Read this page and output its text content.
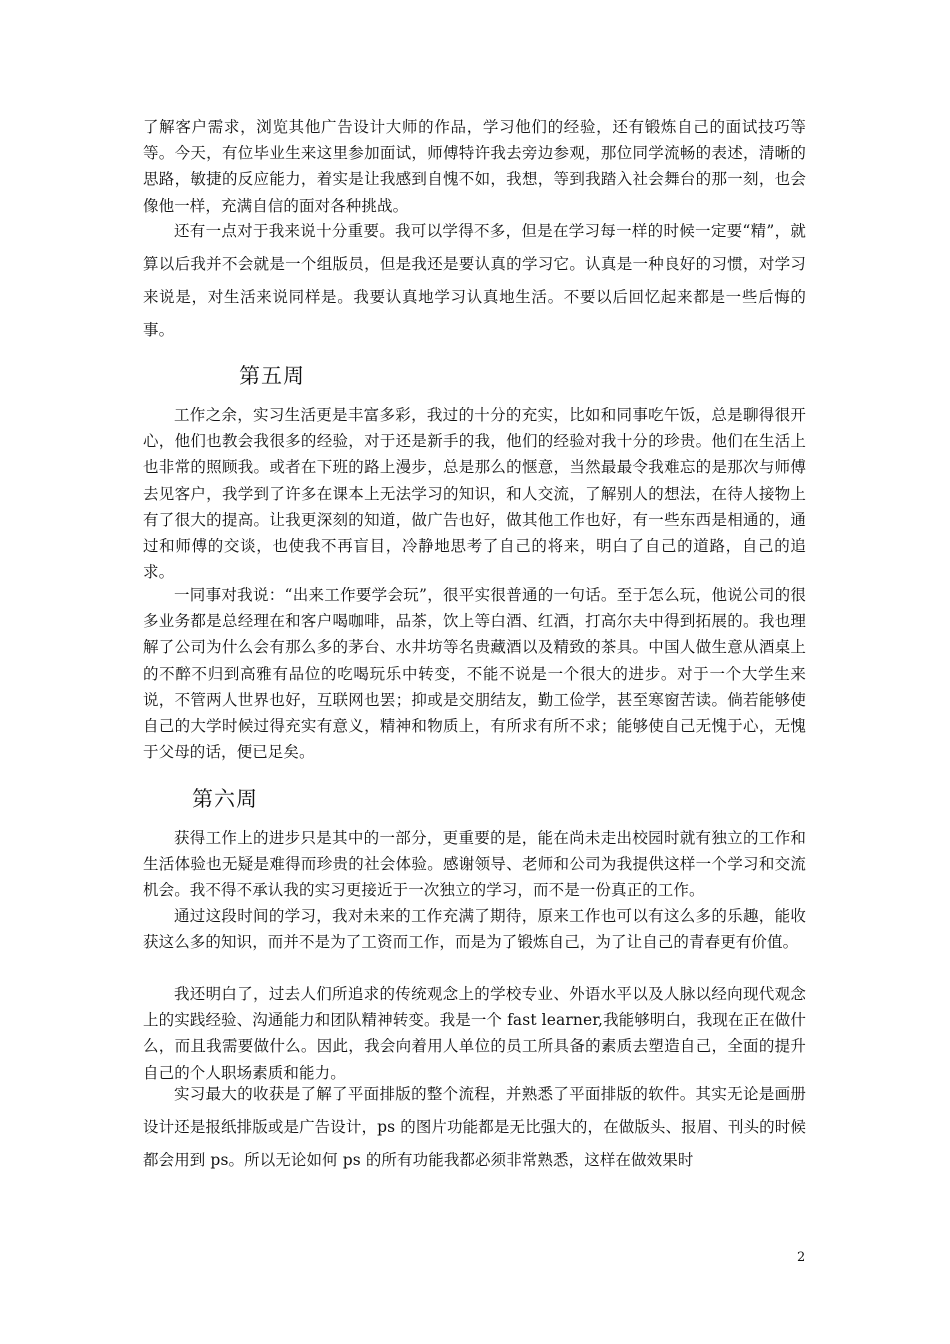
了解客户需求，浏览其他广告设计大师的作品，学习他们的经验，还有锻炼自己的面试技巧等等。今天，有位毕业生来这里参加面试，师傅特许我去旁边参观，那位同学流畅的表述，清晰的思路，敏捷的反应能力，着实是让我感到自愧不如，我想，等到我踏入社会舞台的那一刻，也会像他一样，充满自信的面对各种挑战。

还有一点对于我来说十分重要。我可以学得不多，但是在学习每一样的时候一定要“精”，就算以后我并不会就是一个组版员，但是我还是要认真的学习它。认真是一种良好的习惯，对学习来说是，对生活来说同样是。我要认真地学习认真地生活。不要以后回忆起来都是一些后悔的事。

第五周

工作之余，实习生活更是丰富多彩，我过的十分的充实，比如和同事吃午饭，总是聊得很开心，他们也教会我很多的经验，对于还是新手的我，他们的经验对我十分的珍贵。他们在生活上也非常的照顾我。或者在下班的路上漫步，总是那么的惬意，当然最最令我难忘的是那次与师傅去见客户，我学到了许多在课本上无法学习的知识，和人交流，了解别人的想法，在待人接物上有了很大的提高。让我更深刻的知道，做广告也好，做其他工作也好，有一些东西是相通的，通过和师傅的交谈，也使我不再盲目，冷静地思考了自己的将来，明白了自己的道路，自己的追求。

一同事对我说：“出来工作要学会玩”，很平实很普通的一句话。至于怎么玩，他说公司的很多业务都是总经理在和客户喝咖啡，品茶，饮上等白酒、红酒，打高尔夫中得到拓展的。我也理解了公司为什么会有那么多的茅台、水井坊等名贵藏酒以及精致的茶具。中国人做生意从酒桌上的不醉不归到高雅有品位的吃喝玩乐中转变，不能不说是一个很大的进步。对于一个大学生来说，不管两人世界也好，互联网也罢；抑或是交朋结友，勤工俭学，甚至寒窗苦读。倘若能够使自己的大学时候过得充实有意义，精神和物质上，有所求有所不求；能够使自己无愧于心，无愧于父母的话，便已足矣。

第六周

获得工作上的进步只是其中的一部分，更重要的是，能在尚未走出校园时就有独立的工作和生活体验也无疑是难得而珍贵的社会体验。感谢领导、老师和公司为我提供这样一个学习和交流机会。我不得不承认我的实习更接近于一次独立的学习，而不是一份真正的工作。

通过这段时间的学习，我对未来的工作充满了期待，原来工作也可以有这么多的乐趣，能收获这么多的知识，而并不是为了工资而工作，而是为了锻炼自己，为了让自己的青春更有价值。

我还明白了，过去人们所追求的传统观念上的学校专业、外语水平以及人脉以经向现代观念上的实践经验、沟通能力和团队精神转变。我是一个 fast learner,我能够明白，我现在正在做什么，而且我需要做什么。因此，我会向着用人单位的员工所具备的素质去塑造自己，全面的提升自己的个人职场素质和能力。

实习最大的收获是了解了平面排版的整个流程，并熟悉了平面排版的软件。其实无论是画册设计还是报纸排版或是广告设计，ps 的图片功能都是无比强大的，在做版头、报眉、刊头的时候都会用到 ps。所以无论如何 ps 的所有功能我都必须非常熟悉，这样在做效果时

2
